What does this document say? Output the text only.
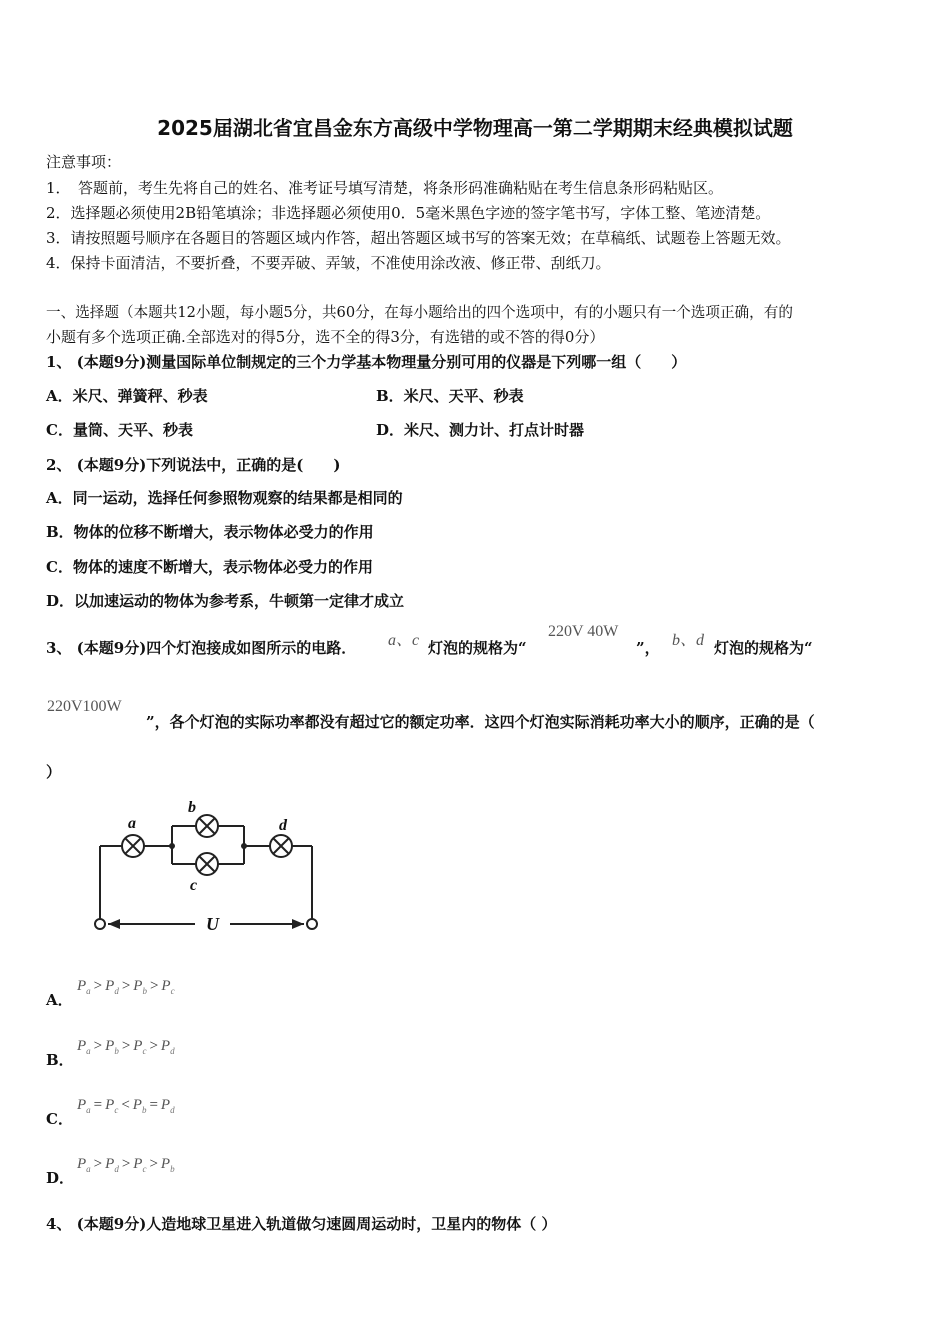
2025届湖北省宜昌金东方高级中学物理高一第二学期期末经典模拟试题
注意事项：
1．　答题前，考生先将自己的姓名、准考证号填写清楚，将条形码准确粘贴在考生信息条形码粘贴区。
2．选择题必须使用2B铅笔填涂；非选择题必须使用0．5毫米黑色字迹的签字笔书写，字体工整、笔迹清楚。
3．请按照题号顺序在各题目的答题区域内作答，超出答题区域书写的答案无效；在草稿纸、试题卷上答题无效。
4．保持卡面清洁，不要折叠，不要弄破、弄皱，不准使用涂改液、修正带、刮纸刀。
一、选择题（本题共12小题，每小题5分，共60分，在每小题给出的四个选项中，有的小题只有一个选项正确，有的
小题有多个选项正确.全部选对的得5分，选不全的得3分，有选错的或不答的得0分）
1、 (本题9分)测量国际单位制规定的三个力学基本物理量分别可用的仪器是下列哪一组（　　）
A．米尺、弹簧秤、秒表	B．米尺、天平、秒表
C．量筒、天平、秒表	D．米尺、测力计、打点计时器
2、 (本题9分)下列说法中，正确的是(　　)
A．同一运动，选择任何参照物观察的结果都是相同的
B．物体的位移不断增大，表示物体必受力的作用
C．物体的速度不断增大，表示物体必受力的作用
D．以加速运动的物体为参考系，牛顿第一定律才成立
3、 (本题9分)四个灯泡接成如图所示的电路． a、c 灯泡的规格为“
220V 40W
”， b、d 灯泡的规格为“
220V100W
”，各个灯泡的实际功率都没有超过它的额定功率．这四个灯泡实际消耗功率大小的顺序，正确的是（
）
a
b
c
d
U
A．
$P_a > P_d > P_b > P_c$
B．
$P_a > P_b > P_c > P_d$
C．
$P_a = P_c < P_b = P_d$
D．
$P_a > P_d > P_c > P_b$
4、 (本题9分)人造地球卫星进入轨道做匀速圆周运动时，卫星内的物体（ ）
